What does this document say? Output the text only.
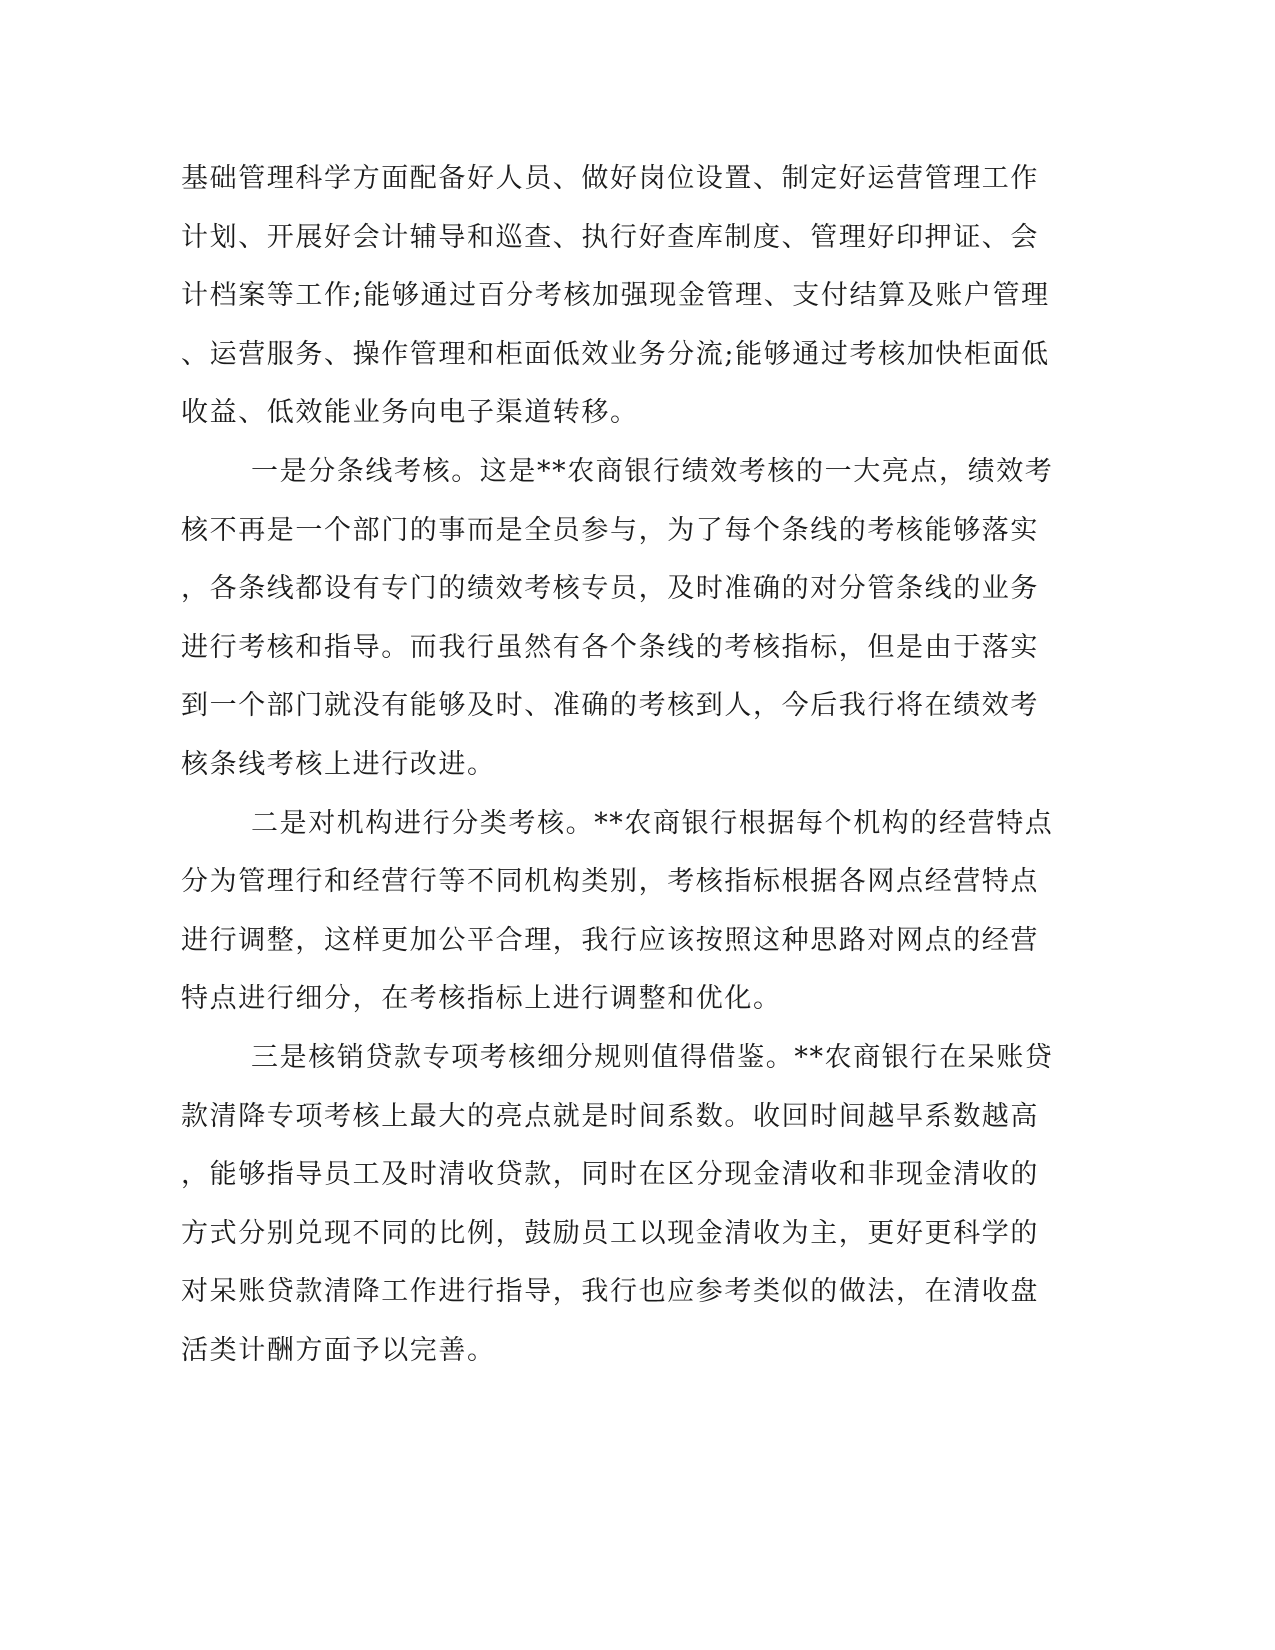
基础管理科学方面配备好人员、做好岗位设置、制定好运营管理工作
计划、开展好会计辅导和巡查、执行好查库制度、管理好印押证、会
计档案等工作;能够通过百分考核加强现金管理、支付结算及账户管理
、运营服务、操作管理和柜面低效业务分流;能够通过考核加快柜面低
收益、低效能业务向电子渠道转移。
一是分条线考核。这是**农商银行绩效考核的一大亮点，绩效考
核不再是一个部门的事而是全员参与，为了每个条线的考核能够落实
，各条线都设有专门的绩效考核专员，及时准确的对分管条线的业务
进行考核和指导。而我行虽然有各个条线的考核指标，但是由于落实
到一个部门就没有能够及时、准确的考核到人，今后我行将在绩效考
核条线考核上进行改进。
二是对机构进行分类考核。**农商银行根据每个机构的经营特点
分为管理行和经营行等不同机构类别，考核指标根据各网点经营特点
进行调整，这样更加公平合理，我行应该按照这种思路对网点的经营
特点进行细分，在考核指标上进行调整和优化。
三是核销贷款专项考核细分规则值得借鉴。**农商银行在呆账贷
款清降专项考核上最大的亮点就是时间系数。收回时间越早系数越高
，能够指导员工及时清收贷款，同时在区分现金清收和非现金清收的
方式分别兑现不同的比例，鼓励员工以现金清收为主，更好更科学的
对呆账贷款清降工作进行指导，我行也应参考类似的做法，在清收盘
活类计酬方面予以完善。
